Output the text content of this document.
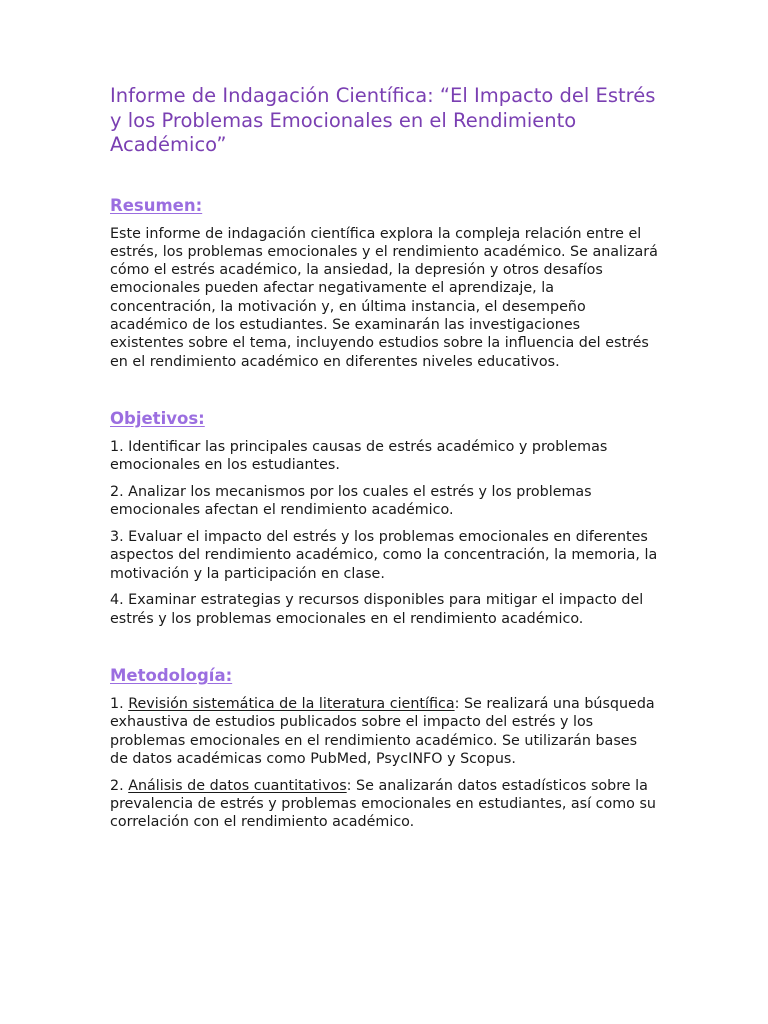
Informe de Indagación Científica: “El Impacto del Estrés y los Problemas Emocionales en el Rendimiento Académico”
Resumen:

Este informe de indagación científica explora la compleja relación entre el estrés, los problemas emocionales y el rendimiento académico. Se analizará cómo el estrés académico, la ansiedad, la depresión y otros desafíos emocionales pueden afectar negativamente el aprendizaje, la concentración, la motivación y, en última instancia, el desempeño académico de los estudiantes. Se examinarán las investigaciones existentes sobre el tema, incluyendo estudios sobre la influencia del estrés en el rendimiento académico en diferentes niveles educativos.

Objetivos:

1. Identificar las principales causas de estrés académico y problemas emocionales en los estudiantes.

2. Analizar los mecanismos por los cuales el estrés y los problemas emocionales afectan el rendimiento académico.

3. Evaluar el impacto del estrés y los problemas emocionales en diferentes aspectos del rendimiento académico, como la concentración, la memoria, la motivación y la participación en clase.

4. Examinar estrategias y recursos disponibles para mitigar el impacto del estrés y los problemas emocionales en el rendimiento académico.

Metodología:

1. Revisión sistemática de la literatura científica: Se realizará una búsqueda exhaustiva de estudios publicados sobre el impacto del estrés y los problemas emocionales en el rendimiento académico. Se utilizarán bases de datos académicas como PubMed, PsycINFO y Scopus.

2. Análisis de datos cuantitativos: Se analizarán datos estadísticos sobre la prevalencia de estrés y problemas emocionales en estudiantes, así como su correlación con el rendimiento académico.
